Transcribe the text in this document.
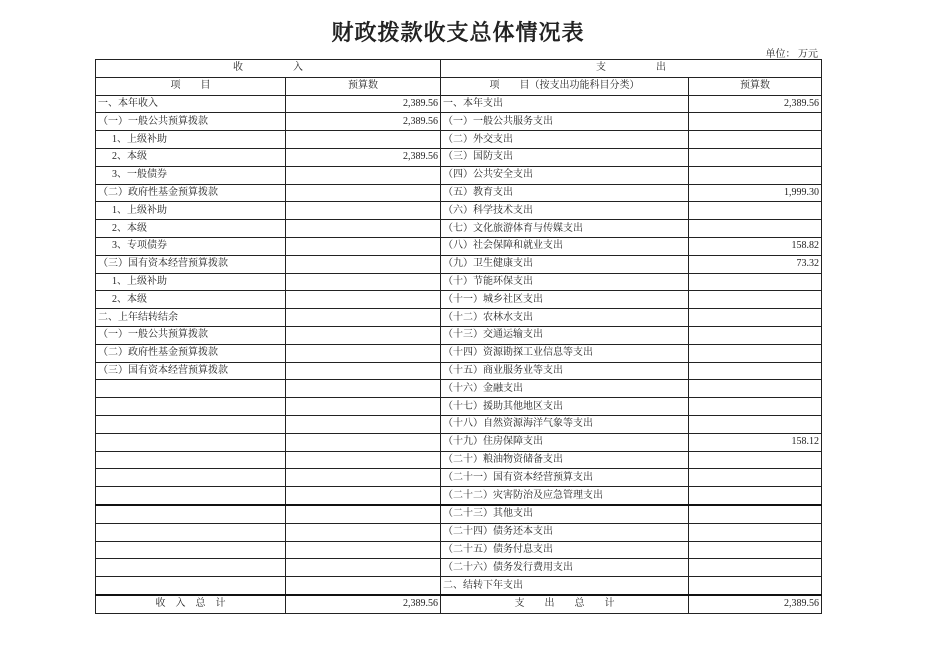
财政拨款收支总体情况表
单位： 万元
收　　　　　入		支　　　　　出	
项　　目	预算数	项　　目（按支出功能科目分类）	预算数
一、本年收入	2,389.56	一、本年支出	2,389.56
（一）一般公共预算拨款	2,389.56	（一）一般公共服务支出	
1、上级补助		（二）外交支出	
2、本级	2,389.56	（三）国防支出	
3、一般债券		（四）公共安全支出	
（二）政府性基金预算拨款		（五）教育支出	1,999.30
1、上级补助		（六）科学技术支出	
2、本级		（七）文化旅游体育与传媒支出	
3、专项债券		（八）社会保障和就业支出	158.82
（三）国有资本经营预算拨款		（九）卫生健康支出	73.32
1、上级补助		（十）节能环保支出	
2、本级		（十一）城乡社区支出	
二、上年结转结余		（十二）农林水支出	
（一）一般公共预算拨款		（十三）交通运输支出	
（二）政府性基金预算拨款		（十四）资源勘探工业信息等支出	
（三）国有资本经营预算拨款		（十五）商业服务业等支出	
		（十六）金融支出	
		（十七）援助其他地区支出	
		（十八）自然资源海洋气象等支出	
		（十九）住房保障支出	158.12
		（二十）粮油物资储备支出	
		（二十一）国有资本经营预算支出	
		（二十二）灾害防治及应急管理支出	
		（二十三）其他支出	
		（二十四）债务还本支出	
		（二十五）债务付息支出	
		（二十六）债务发行费用支出	
		二、结转下年支出	
收　入　总　计	2,389.56	支　　出　　总　　计	2,389.56
